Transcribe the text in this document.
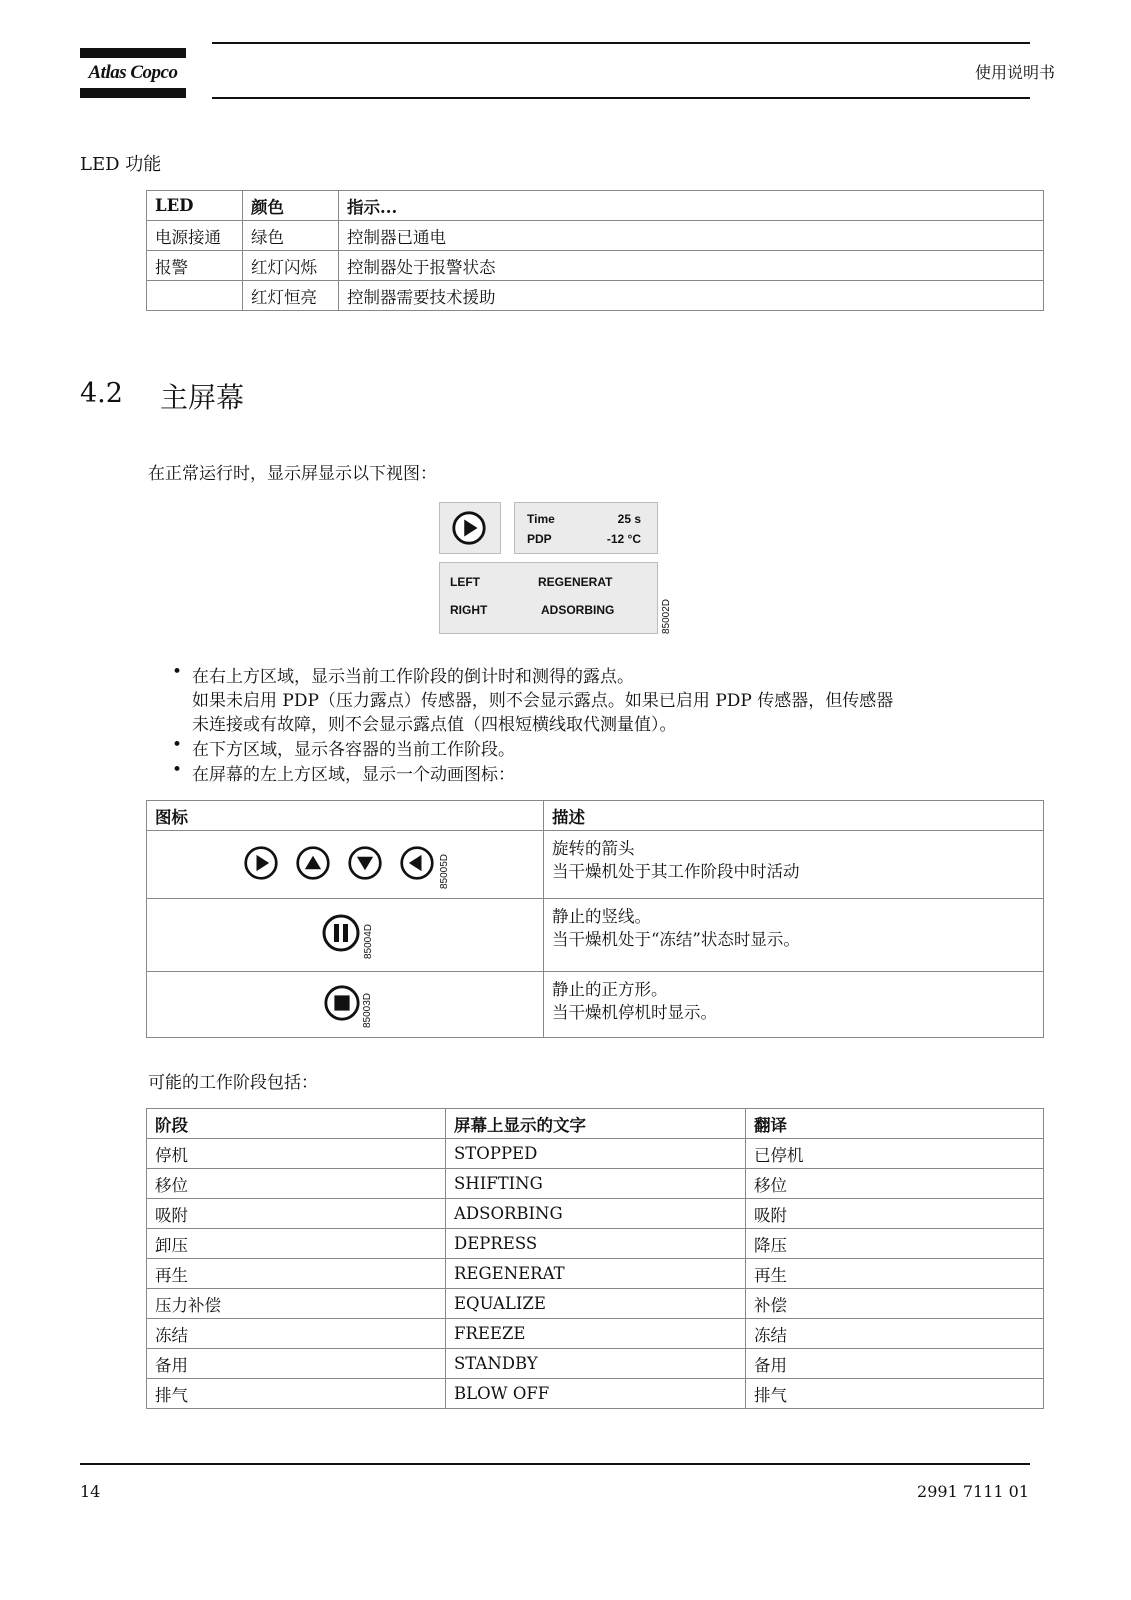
Atlas Copco	使用说明书
LED 功能
LED	颜色	指示...
电源接通	绿色	控制器已通电
报警	红灯闪烁	控制器处于报警状态
	红灯恒亮	控制器需要技术援助
4.2 主屏幕
在正常运行时，显示屏显示以下视图：
Time	25 s
PDP	-12 °C
LEFT	REGENERAT
RIGHT	ADSORBING	85002D
• 在右上方区域，显示当前工作阶段的倒计时和测得的露点。
如果未启用 PDP（压力露点）传感器，则不会显示露点。如果已启用 PDP 传感器，但传感器
未连接或有故障，则不会显示露点值（四根短横线取代测量值）。
• 在下方区域，显示各容器的当前工作阶段。
• 在屏幕的左上方区域，显示一个动画图标：
图标	描述

85005D	旋转的箭头
当干燥机处于其工作阶段中时活动

85004D	静止的竖线。
当干燥机处于“冻结”状态时显示。

85003D	静止的正方形。
当干燥机停机时显示。
可能的工作阶段包括：
阶段	屏幕上显示的文字	翻译
停机	STOPPED	已停机
移位	SHIFTING	移位
吸附	ADSORBING	吸附
卸压	DEPRESS	降压
再生	REGENERAT	再生
压力补偿	EQUALIZE	补偿
冻结	FREEZE	冻结
备用	STANDBY	备用
排气	BLOW OFF	排气
14	2991 7111 01
